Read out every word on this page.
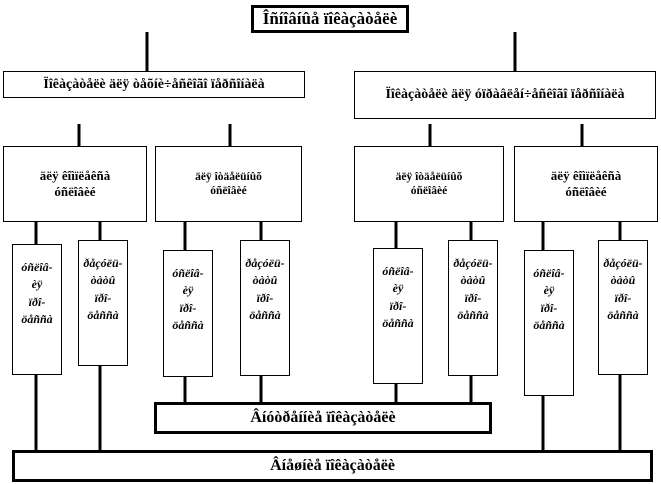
Îñíîâíûå ïîêàçàòåëè
Ïîêàçàòåëè äëÿ òåõíè÷åñêîãî ïåðñîíàëà
Ïîêàçàòåëè äëÿ óïðàâëåí÷åñêîãî ïåðñîíàëà
äëÿ êîìïëåêñà
óñëîâèé
äëÿ îòäåëüíûõ
óñëîâèé
äëÿ îòäåëüíûõ
óñëîâèé
äëÿ êîìïëåêñà
óñëîâèé
óñëîâ-
èÿ
ïðî-
öåññà
ðåçóëü-
òàòû
ïðî-
öåññà
óñëîâ-
èÿ
ïðî-
öåññà
ðåçóëü-
òàòû
ïðî-
öåññà
óñëîâ-
èÿ
ïðî-
öåññà
ðåçóëü-
òàòû
ïðî-
öåññà
óñëîâ-
èÿ
ïðî-
öåññà
ðåçóëü-
òàòû
ïðî-
öåññà
Âíóòðåííèå ïîêàçàòåëè
Âíåøíèå ïîêàçàòåëè
